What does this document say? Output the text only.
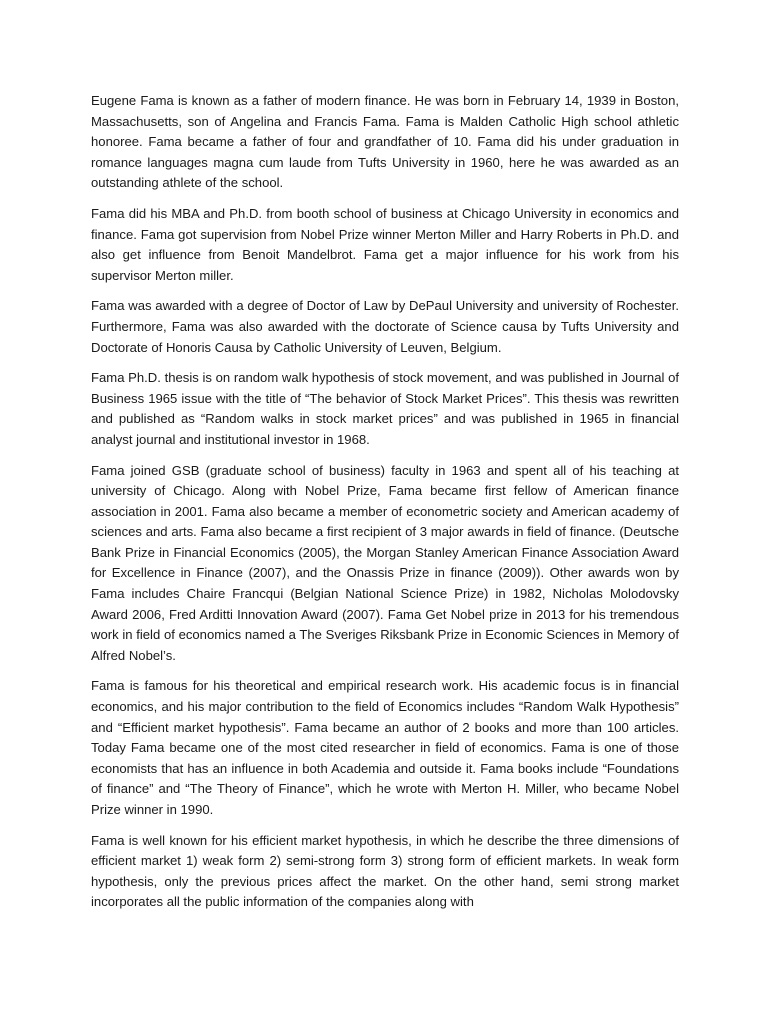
Eugene Fama is known as a father of modern finance. He was born in February 14, 1939 in Boston, Massachusetts, son of Angelina and Francis Fama. Fama is Malden Catholic High school athletic honoree. Fama became a father of four and grandfather of 10. Fama did his under graduation in romance languages magna cum laude from Tufts University in 1960, here he was awarded as an outstanding athlete of the school.

Fama did his MBA and Ph.D. from booth school of business at Chicago University in economics and finance. Fama got supervision from Nobel Prize winner Merton Miller and Harry Roberts in Ph.D. and also get influence from Benoit Mandelbrot. Fama get a major influence for his work from his supervisor Merton miller.

Fama was awarded with a degree of Doctor of Law by DePaul University and university of Rochester. Furthermore, Fama was also awarded with the doctorate of Science causa by Tufts University and Doctorate of Honoris Causa by Catholic University of Leuven, Belgium.

Fama Ph.D. thesis is on random walk hypothesis of stock movement, and was published in Journal of Business 1965 issue with the title of “The behavior of Stock Market Prices”. This thesis was rewritten and published as “Random walks in stock market prices” and was published in 1965 in financial analyst journal and institutional investor in 1968.

Fama joined GSB (graduate school of business) faculty in 1963 and spent all of his teaching at university of Chicago. Along with Nobel Prize, Fama became first fellow of American finance association in 2001. Fama also became a member of econometric society and American academy of sciences and arts. Fama also became a first recipient of 3 major awards in field of finance. (Deutsche Bank Prize in Financial Economics (2005), the Morgan Stanley American Finance Association Award for Excellence in Finance (2007), and the Onassis Prize in finance (2009)). Other awards won by Fama includes Chaire Francqui (Belgian National Science Prize) in 1982, Nicholas Molodovsky Award 2006, Fred Arditti Innovation Award (2007). Fama Get Nobel prize in 2013 for his tremendous work in field of economics named a The Sveriges Riksbank Prize in Economic Sciences in Memory of Alfred Nobel’s.

Fama is famous for his theoretical and empirical research work. His academic focus is in financial economics, and his major contribution to the field of Economics includes “Random Walk Hypothesis” and “Efficient market hypothesis”. Fama became an author of 2 books and more than 100 articles. Today Fama became one of the most cited researcher in field of economics. Fama is one of those economists that has an influence in both Academia and outside it. Fama books include “Foundations of finance” and “The Theory of Finance”, which he wrote with Merton H. Miller, who became Nobel Prize winner in 1990.

Fama is well known for his efficient market hypothesis, in which he describe the three dimensions of efficient market 1) weak form 2) semi-strong form 3) strong form of efficient markets. In weak form hypothesis, only the previous prices affect the market. On the other hand, semi strong market incorporates all the public information of the companies along with
